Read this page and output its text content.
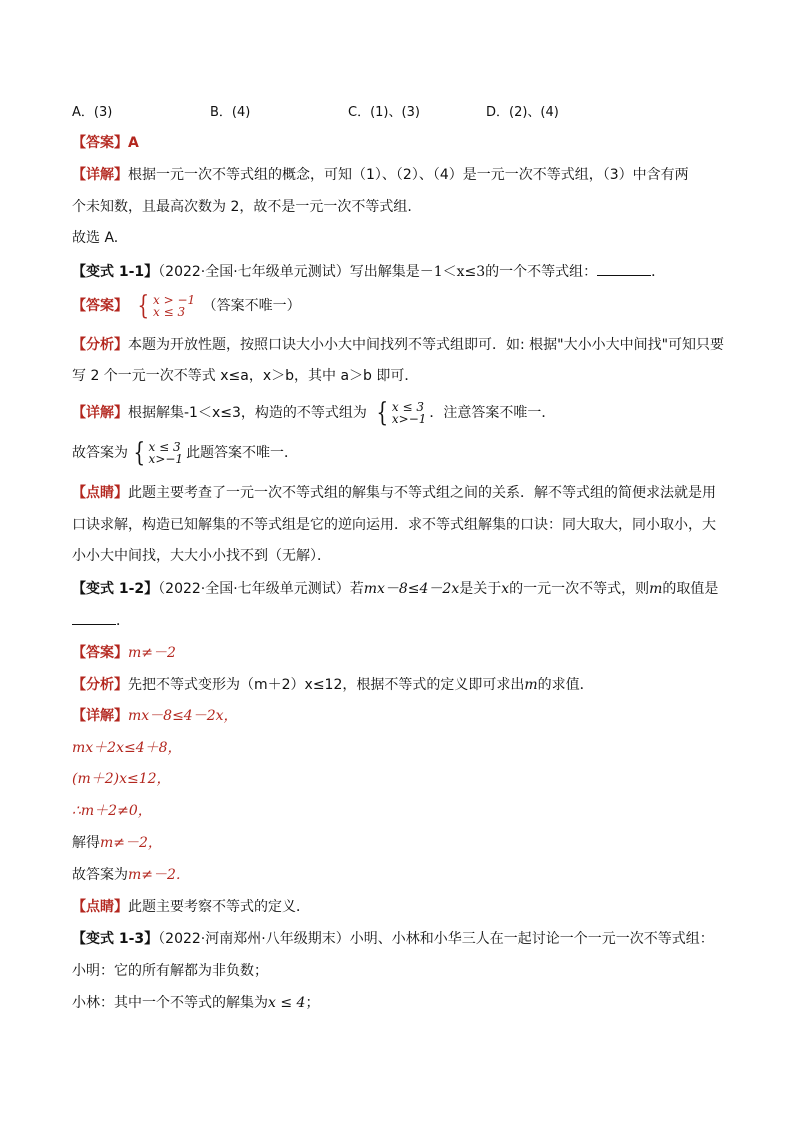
A．(3)	B．(4)	C．(1)、(3)	D．(2)、(4)
【答案】A
【详解】根据一元一次不等式组的概念，可知（1）、（2）、（4）是一元一次不等式组，（3）中含有两
个未知数，且最高次数为 2，故不是一元一次不等式组.
故选 A.
【变式 1-1】（2022·全国·七年级单元测试）写出解集是－1＜x≤3的一个不等式组：	．
【答案】 { x > −1
x ≤ 3	（答案不唯一）
【分析】本题为开放性题，按照口诀大小小大中间找列不等式组即可．如: 根据"大小小大中间找"可知只要
写 2 个一元一次不等式 x≤a，x＞b，其中 a＞b 即可．
【详解】根据解集-1＜x≤3，构造的不等式组为 { x ≤ 3
x>−1 ．注意答案不唯一．
故答案为 { x ≤ 3
x>−1 此题答案不唯一．
【点睛】此题主要考查了一元一次不等式组的解集与不等式组之间的关系．解不等式组的简便求法就是用
口诀求解，构造已知解集的不等式组是它的逆向运用．求不等式组解集的口诀：同大取大，同小取小，大
小小大中间找，大大小小找不到（无解）．
【变式 1-2】（2022·全国·七年级单元测试）若mx－8≤4－2x是关于x的一元一次不等式，则m的取值是
．
【答案】m≠－2
【分析】先把不等式变形为（m＋2）x≤12，根据不等式的定义即可求出m的求值．
【详解】mx－8≤4－2x，
mx＋2x≤4＋8，
(m＋2)x≤12，
∴m＋2≠0，
解得m≠－2，
故答案为m≠－2．
【点睛】此题主要考察不等式的定义．
【变式 1-3】（2022·河南郑州·八年级期末）小明、小林和小华三人在一起讨论一个一元一次不等式组：
小明：它的所有解都为非负数；
小林：其中一个不等式的解集为x ≤ 4；
